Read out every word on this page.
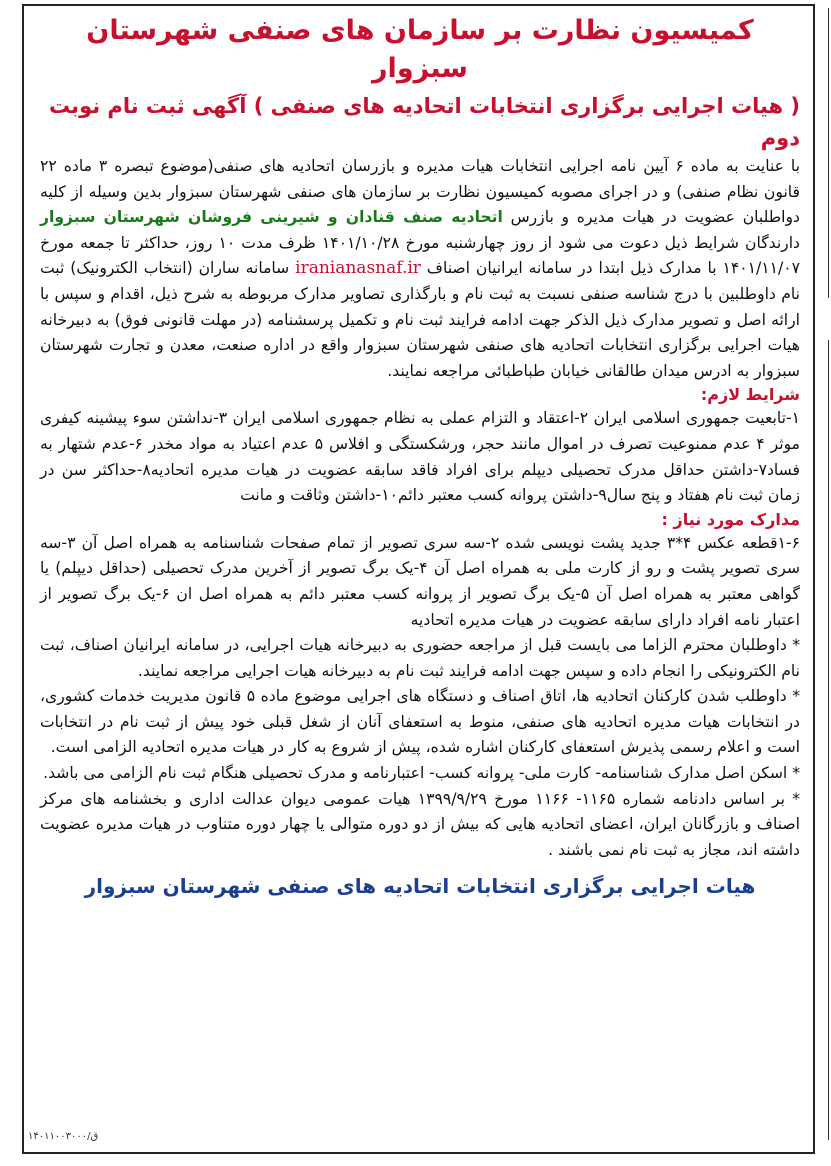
کمیسیون نظارت بر سازمان های صنفی شهرستان سبزوار
( هیات اجرایی برگزاری انتخابات اتحادیه های صنفی ) آگهی ثبت نام نوبت دوم

با عنایت به ماده ۶ آیین نامه اجرایی انتخابات هیات مدیره و بازرسان اتحادیه های صنفی(موضوع تبصره ۳ ماده ۲۲ قانون نظام صنفی) و در اجرای مصوبه کمیسیون نظارت بر سازمان های صنفی شهرستان سبزوار بدین وسیله از کلیه دواطلبان عضویت در هیات مدیره و بازرس اتحادیه صنف قنادان و شیرینی فروشان شهرستان سبزوار دارندگان شرایط ذیل دعوت می شود از روز چهارشنبه مورخ ۱۴۰۱/۱۰/۲۸ ظرف مدت ۱۰ روز، حداکثر تا جمعه مورخ ۱۴۰۱/۱۱/۰۷ با مدارک ذیل ابتدا در سامانه ایرانیان اصناف iranianasnaf.ir سامانه ساران (انتخاب الکترونیک) ثبت نام داوطلبین با درج شناسه صنفی نسبت به ثبت نام و بارگذاری تصاویر مدارک مربوطه به شرح ذیل، اقدام و سپس با ارائه اصل و تصویر مدارک ذیل الذکر جهت ادامه فرایند ثبت نام و تکمیل پرسشنامه (در مهلت قانونی فوق) به دبیرخانه هیات اجرایی برگزاری انتخابات اتحادیه های صنفی شهرستان سبزوار واقع در اداره صنعت، معدن و تجارت شهرستان سبزوار به ادرس میدان طالقانی خیابان طباطبائی مراجعه نمایند.

شرایط لازم:

۱-تابعیت جمهوری اسلامی ایران ۲-اعتقاد و التزام عملی به نظام جمهوری اسلامی ایران ۳-نداشتن سوء پیشینه کیفری موثر ۴ عدم ممنوعیت تصرف در اموال مانند حجر، ورشکستگی و افلاس ۵ عدم اعتیاد به مواد مخدر ۶-عدم شتهار به فساد۷-داشتن حداقل مدرک تحصیلی دیپلم برای افراد فاقد سابقه عضویت در هیات مدیره اتحادیه۸-حداکثر سن در زمان ثبت نام هفتاد و پنج سال۹-داشتن پروانه کسب معتبر دائم۱۰-داشتن وثاقت و مانت

مدارک مورد نیاز :

۱-۶قطعه عکس ۴*۳ جدید پشت نویسی شده ۲-سه سری تصویر از تمام صفحات شناسنامه به همراه اصل آن ۳-سه سری تصویر پشت و رو از کارت ملی به همراه اصل آن ۴-یک برگ تصویر از آخرین مدرک تحصیلی (حداقل دیپلم) یا گواهی معتبر به همراه اصل آن ۵-یک برگ تصویر از پروانه کسب معتبر دائم به همراه اصل ان ۶-یک برگ تصویر از اعتبار نامه افراد دارای سابقه عضویت در هیات مدیره اتحادیه

* داوطلبان محترم الزاما می بایست قبل از مراجعه حضوری به دبیرخانه هیات اجرایی، در سامانه ایرانیان اصناف، ثبت نام الکترونیکی را انجام داده و سپس جهت ادامه فرایند ثبت نام به دبیرخانه هیات اجرایی مراجعه نمایند.

* داوطلب شدن کارکنان اتحادیه ها، اتاق اصناف و دستگاه های اجرایی موضوع ماده ۵ قانون مدیریت خدمات کشوری، در انتخابات هیات مدیره اتحادیه های صنفی، منوط به استعفای آنان از شغل قبلی خود پیش از ثبت نام در انتخابات است و اعلام رسمی پذیرش استعفای کارکنان اشاره شده، پیش از شروع به کار در هیات مدیره اتحادیه الزامی است.

* اسکن اصل مدارک شناسنامه- کارت ملی- پروانه کسب- اعتبارنامه و مدرک تحصیلی هنگام ثبت نام الزامی می باشد.

* بر اساس دادنامه شماره ۱۱۶۵- ۱۱۶۶ مورخ ۱۳۹۹/۹/۲۹ هیات عمومی دیوان عدالت اداری و بخشنامه های مرکز اصناف و بازرگانان ایران، اعضای اتحادیه هایی که بیش از دو دوره متوالی یا چهار دوره متناوب در هیات مدیره عضویت داشته اند، مجاز به ثبت نام نمی باشند .

هیات اجرایی برگزاری انتخابات اتحادیه های صنفی شهرستان سبزوار

۱۴۰۱۱۰۰۳۰۰۰/ق
